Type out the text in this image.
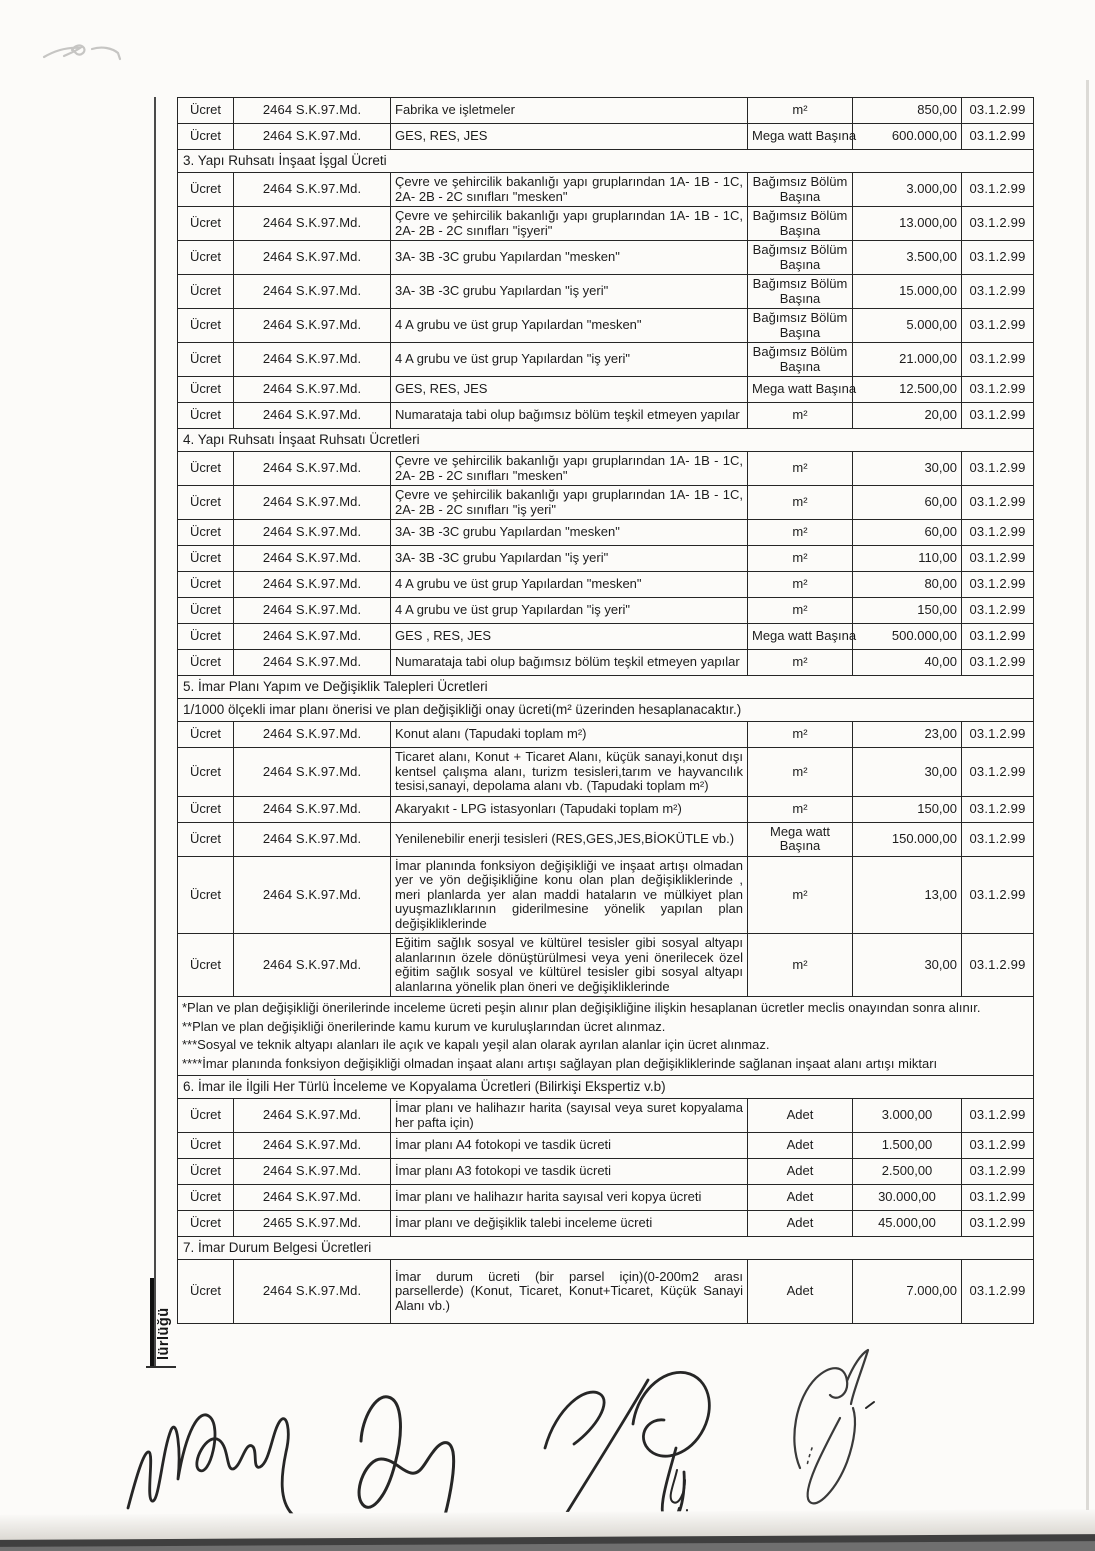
lürlüğü
Ücret	2464 S.K.97.Md.	Fabrika ve işletmeler	m²	850,00	03.1.2.99
Ücret	2464 S.K.97.Md.	GES, RES, JES	Mega watt Başına	600.000,00	03.1.2.99
3. Yapı Ruhsatı İnşaat İşgal Ücreti					
Ücret	2464 S.K.97.Md.	Çevre ve şehircilik bakanlığı yapı gruplarından 1A- 1B - 1C, 2A- 2B - 2C sınıfları "mesken"	Bağımsız Bölüm Başına	3.000,00	03.1.2.99
Ücret	2464 S.K.97.Md.	Çevre ve şehircilik bakanlığı yapı gruplarından 1A- 1B - 1C, 2A- 2B - 2C sınıfları "işyeri"	Bağımsız Bölüm Başına	13.000,00	03.1.2.99
Ücret	2464 S.K.97.Md.	3A- 3B -3C grubu Yapılardan "mesken"	Bağımsız Bölüm Başına	3.500,00	03.1.2.99
Ücret	2464 S.K.97.Md.	3A- 3B -3C grubu Yapılardan "iş yeri"	Bağımsız Bölüm Başına	15.000,00	03.1.2.99
Ücret	2464 S.K.97.Md.	4 A grubu ve üst grup Yapılardan "mesken"	Bağımsız Bölüm Başına	5.000,00	03.1.2.99
Ücret	2464 S.K.97.Md.	4 A grubu ve üst grup Yapılardan "iş yeri"	Bağımsız Bölüm Başına	21.000,00	03.1.2.99
Ücret	2464 S.K.97.Md.	GES, RES, JES	Mega watt Başına	12.500,00	03.1.2.99
Ücret	2464 S.K.97.Md.	Numarataja tabi olup bağımsız bölüm teşkil etmeyen yapılar	m²	20,00	03.1.2.99
4. Yapı Ruhsatı İnşaat Ruhsatı Ücretleri					
Ücret	2464 S.K.97.Md.	Çevre ve şehircilik bakanlığı yapı gruplarından 1A- 1B - 1C, 2A- 2B - 2C sınıfları "mesken"	m²	30,00	03.1.2.99
Ücret	2464 S.K.97.Md.	Çevre ve şehircilik bakanlığı yapı gruplarından 1A- 1B - 1C, 2A- 2B - 2C sınıfları "iş yeri"	m²	60,00	03.1.2.99
Ücret	2464 S.K.97.Md.	3A- 3B -3C grubu Yapılardan "mesken"	m²	60,00	03.1.2.99
Ücret	2464 S.K.97.Md.	3A- 3B -3C grubu Yapılardan "iş yeri"	m²	110,00	03.1.2.99
Ücret	2464 S.K.97.Md.	4 A grubu ve üst grup Yapılardan "mesken"	m²	80,00	03.1.2.99
Ücret	2464 S.K.97.Md.	4 A grubu ve üst grup Yapılardan "iş yeri"	m²	150,00	03.1.2.99
Ücret	2464 S.K.97.Md.	GES , RES, JES	Mega watt Başına	500.000,00	03.1.2.99
Ücret	2464 S.K.97.Md.	Numarataja tabi olup bağımsız bölüm teşkil etmeyen yapılar	m²	40,00	03.1.2.99
5. İmar Planı Yapım ve Değişiklik Talepleri Ücretleri					
1/1000 ölçekli imar planı önerisi ve plan değişikliği onay ücreti(m² üzerinden hesaplanacaktır.)					
Ücret	2464 S.K.97.Md.	Konut alanı (Tapudaki toplam m²)	m²	23,00	03.1.2.99
Ücret	2464 S.K.97.Md.	Ticaret alanı, Konut + Ticaret Alanı, küçük sanayi,konut dışı kentsel çalışma alanı, turizm tesisleri,tarım ve hayvancılık tesisi,sanayi, depolama alanı vb. (Tapudaki toplam m²)	m²	30,00	03.1.2.99
Ücret	2464 S.K.97.Md.	Akaryakıt - LPG istasyonları (Tapudaki toplam m²)	m²	150,00	03.1.2.99
Ücret	2464 S.K.97.Md.	Yenilenebilir enerji tesisleri (RES,GES,JES,BİOKÜTLE vb.)	Mega watt Başına	150.000,00	03.1.2.99
Ücret	2464 S.K.97.Md.	İmar planında fonksiyon değişikliği ve inşaat artışı olmadan yer ve yön değişikliğine konu olan plan değişikliklerinde , meri planlarda yer alan maddi hataların ve mülkiyet plan uyuşmazlıklarının giderilmesine yönelik yapılan plan değişikliklerinde	m²	13,00	03.1.2.99
Ücret	2464 S.K.97.Md.	Eğitim sağlık sosyal ve kültürel tesisler gibi sosyal altyapı alanlarının özele dönüştürülmesi veya yeni önerilecek özel eğitim sağlık sosyal ve kültürel tesisler gibi sosyal altyapı alanlarına yönelik plan öneri ve değişikliklerinde	m²	30,00	03.1.2.99

*Plan ve plan değişikliği önerilerinde inceleme ücreti peşin alınır plan değişikliğine ilişkin hesaplanan ücretler meclis onayından sonra alınır.
**Plan ve plan değişikliği önerilerinde kamu kurum ve kuruluşlarından ücret alınmaz.
***Sosyal ve teknik altyapı alanları ile açık ve kapalı yeşil alan olarak ayrılan alanlar için ücret alınmaz.
****İmar planında fonksiyon değişikliği olmadan inşaat alanı artışı sağlayan plan değişikliklerinde sağlanan inşaat alanı artışı miktarı					

6. İmar ile İlgili Her Türlü İnceleme ve Kopyalama Ücretleri (Bilirkişi Ekspertiz v.b)					
Ücret	2464 S.K.97.Md.	İmar planı ve halihazır harita (sayısal veya suret kopyalama her pafta için)	Adet	3.000,00	03.1.2.99
Ücret	2464 S.K.97.Md.	İmar planı A4 fotokopi ve tasdik ücreti	Adet	1.500,00	03.1.2.99
Ücret	2464 S.K.97.Md.	İmar planı A3 fotokopi ve tasdik ücreti	Adet	2.500,00	03.1.2.99
Ücret	2464 S.K.97.Md.	İmar planı ve halihazır harita sayısal veri kopya ücreti	Adet	30.000,00	03.1.2.99
Ücret	2465 S.K.97.Md.	İmar planı ve değişiklik talebi inceleme ücreti	Adet	45.000,00	03.1.2.99
7. İmar Durum Belgesi Ücretleri					
Ücret	2464 S.K.97.Md.	İmar durum ücreti (bir parsel için)(0-200m2 arası parsellerde) (Konut, Ticaret, Konut+Ticaret, Küçük Sanayi Alanı vb.)	Adet	7.000,00	03.1.2.99
